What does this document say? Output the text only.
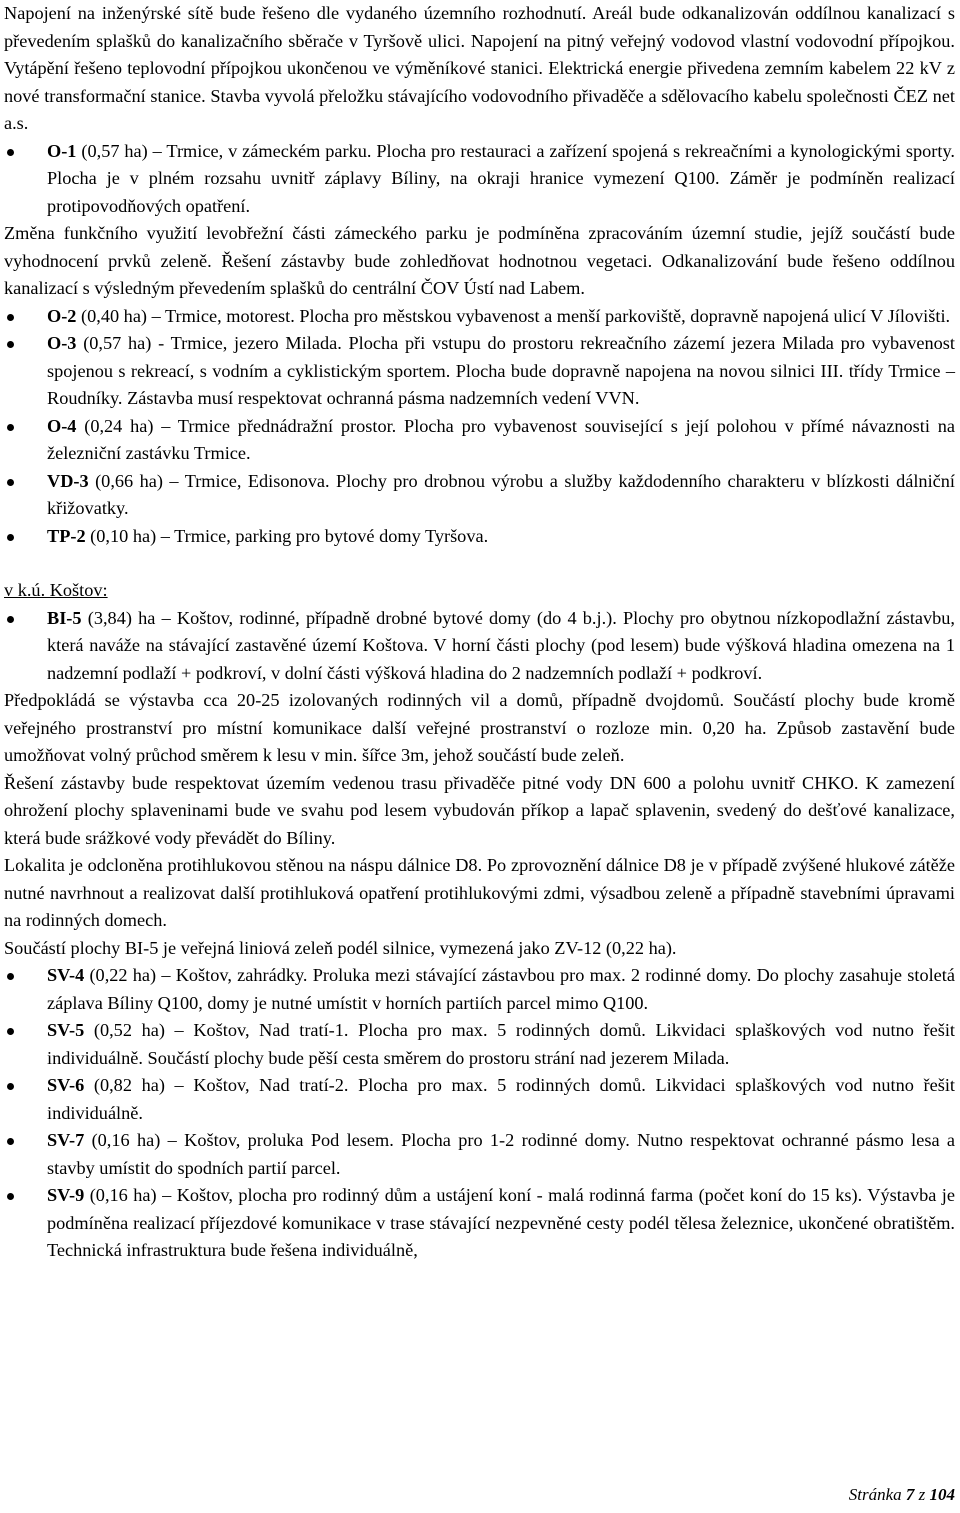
Napojení na inženýrské sítě bude řešeno dle vydaného územního rozhodnutí. Areál bude odkanalizován oddílnou kanalizací s převedením splašků do kanalizačního sběrače v Tyršově ulici. Napojení na pitný veřejný vodovod vlastní vodovodní přípojkou. Vytápění řešeno teplovodní přípojkou ukončenou ve výměníkové stanici. Elektrická energie přivedena zemním kabelem 22 kV z nové transformační stanice. Stavba vyvolá přeložku stávajícího vodovodního přivaděče a sdělovacího kabelu společnosti ČEZ net a.s.

O-1 (0,57 ha) – Trmice, v zámeckém parku. Plocha pro restauraci a zařízení spojená s rekreačními a kynologickými sporty. Plocha je v plném rozsahu uvnitř záplavy Bíliny, na okraji hranice vymezení Q100. Záměr je podmíněn realizací protipovodňových opatření.

Změna funkčního využití levobřežní části zámeckého parku je podmíněna zpracováním územní studie, jejíž součástí bude vyhodnocení prvků zeleně. Řešení zástavby bude zohledňovat hodnotnou vegetaci. Odkanalizování bude řešeno oddílnou kanalizací s výsledným převedením splašků do centrální ČOV Ústí nad Labem.

O-2 (0,40 ha) – Trmice, motorest. Plocha pro městskou vybavenost a menší parkoviště, dopravně napojená ulicí V Jílovišti.
O-3 (0,57 ha) - Trmice, jezero Milada. Plocha při vstupu do prostoru rekreačního zázemí jezera Milada pro vybavenost spojenou s rekreací, s vodním a cyklistickým sportem. Plocha bude dopravně napojena na novou silnici III. třídy Trmice – Roudníky. Zástavba musí respektovat ochranná pásma nadzemních vedení VVN.
O-4 (0,24 ha) – Trmice přednádražní prostor. Plocha pro vybavenost související s její polohou v přímé návaznosti na železniční zastávku Trmice.
VD-3 (0,66 ha) – Trmice, Edisonova. Plochy pro drobnou výrobu a služby každodenního charakteru v blízkosti dálniční křižovatky.
TP-2 (0,10 ha) – Trmice, parking pro bytové domy Tyršova.

v k.ú. Koštov:

BI-5 (3,84) ha – Koštov, rodinné, případně drobné bytové domy (do 4 b.j.). Plochy pro obytnou nízkopodlažní zástavbu, která naváže na stávající zastavěné území Koštova. V horní části plochy (pod lesem) bude výšková hladina omezena na 1 nadzemní podlaží + podkroví, v dolní části výšková hladina do 2 nadzemních podlaží + podkroví.

Předpokládá se výstavba cca 20-25 izolovaných rodinných vil a domů, případně dvojdomů. Součástí plochy bude kromě veřejného prostranství pro místní komunikace další veřejné prostranství o rozloze min. 0,20 ha. Způsob zastavění bude umožňovat volný průchod směrem k lesu v min. šířce 3m, jehož součástí bude zeleň.

Řešení zástavby bude respektovat územím vedenou trasu přivaděče pitné vody DN 600 a polohu uvnitř CHKO. K zamezení ohrožení plochy splaveninami bude ve svahu pod lesem vybudován příkop a lapač splavenin, svedený do dešťové kanalizace, která bude srážkové vody převádět do Bíliny.

Lokalita je odcloněna protihlukovou stěnou na náspu dálnice D8. Po zprovoznění dálnice D8 je v případě zvýšené hlukové zátěže nutné navrhnout a realizovat další protihluková opatření protihlukovými zdmi, výsadbou zeleně a případně stavebními úpravami na rodinných domech.

Součástí plochy BI-5 je veřejná liniová zeleň podél silnice, vymezená jako ZV-12 (0,22 ha).

SV-4 (0,22 ha) – Koštov, zahrádky. Proluka mezi stávající zástavbou pro max. 2 rodinné domy. Do plochy zasahuje stoletá záplava Bíliny Q100, domy je nutné umístit v horních partiích parcel mimo Q100.
SV-5 (0,52 ha) – Koštov, Nad tratí-1. Plocha pro max. 5 rodinných domů. Likvidaci splaškových vod nutno řešit individuálně. Součástí plochy bude pěší cesta směrem do prostoru strání nad jezerem Milada.
SV-6 (0,82 ha) – Koštov, Nad tratí-2. Plocha pro max. 5 rodinných domů. Likvidaci splaškových vod nutno řešit individuálně.
SV-7 (0,16 ha) – Koštov, proluka Pod lesem. Plocha pro 1-2 rodinné domy. Nutno respektovat ochranné pásmo lesa a stavby umístit do spodních partií parcel.
SV-9 (0,16 ha) – Koštov, plocha pro rodinný dům a ustájení koní - malá rodinná farma (počet koní do 15 ks). Výstavba je podmíněna realizací příjezdové komunikace v trase stávající nezpevněné cesty podél tělesa železnice, ukončené obratištěm. Technická infrastruktura bude řešena individuálně,
Stránka 7 z 104
